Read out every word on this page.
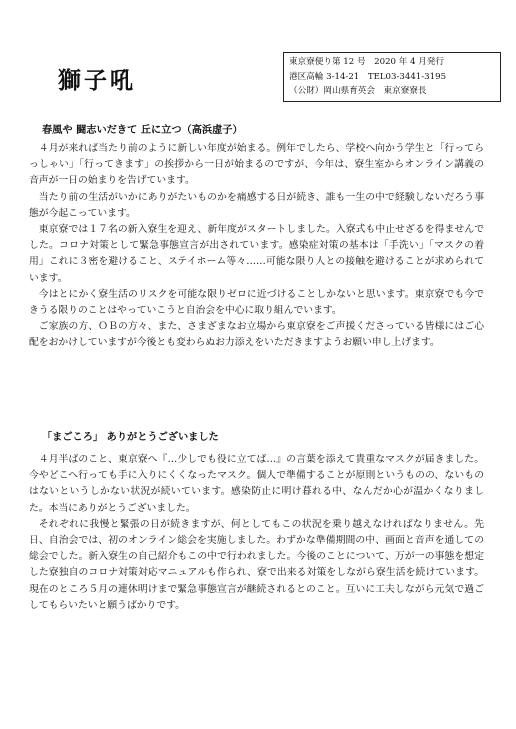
獅子吼
東京寮便り第 12 号　2020 年 4 月発行
港区高輪 3-14-21　TEL03-3441-3195
（公財）岡山県育英会　東京寮寮長
春風や 闘志いだきて 丘に立つ（高浜虚子）

４月が来れば当たり前のように新しい年度が始まる。例年でしたら、学校へ向かう学生と「行ってらっしゃい」「行ってきます」の挨拶から一日が始まるのですが、今年は、寮生室からオンライン講義の音声が一日の始まりを告げています。

当たり前の生活がいかにありがたいものかを痛感する日が続き、誰も一生の中で経験しないだろう事態が今起こっています。

東京寮では１７名の新入寮生を迎え、新年度がスタートしました。入寮式も中止せざるを得ませんでした。コロナ対策として緊急事態宣言が出されています。感染症対策の基本は「手洗い」「マスクの着用」これに３密を避けること、ステイホーム等々……可能な限り人との接触を避けることが求められています。

今はとにかく寮生活のリスクを可能な限りゼロに近づけることしかないと思います。東京寮でも今できうる限りのことはやっていこうと自治会を中心に取り組んでいます。

ご家族の方、ＯＢの方々、また、さまざまなお立場から東京寮をご声援くださっている皆様にはご心配をおかけしていますが今後とも変わらぬお力添えをいただきますようお願い申し上げます。

「まごころ」 ありがとうございました

４月半ばのこと、東京寮へ『…少しでも役に立てば…』の言葉を添えて貴重なマスクが届きました。今やどこへ行っても手に入りにくくなったマスク。個人で準備することが原則というものの、ないものはないというしかない状況が続いています。感染防止に明け暮れる中、なんだか心が温かくなりました。本当にありがとうございました。

それぞれに我慢と緊張の日が続きますが、何としてもこの状況を乗り越えなければなりません。先日、自治会では、初のオンライン総会を実施しました。わずかな準備期間の中、画面と音声を通しての総会でした。新入寮生の自己紹介もこの中で行われました。今後のことについて、万が一の事態を想定した寮独自のコロナ対策対応マニュアルも作られ、寮で出来る対策をしながら寮生活を続けています。現在のところ５月の連休明けまで緊急事態宣言が継続されるとのこと。互いに工夫しながら元気で過ごしてもらいたいと願うばかりです。
